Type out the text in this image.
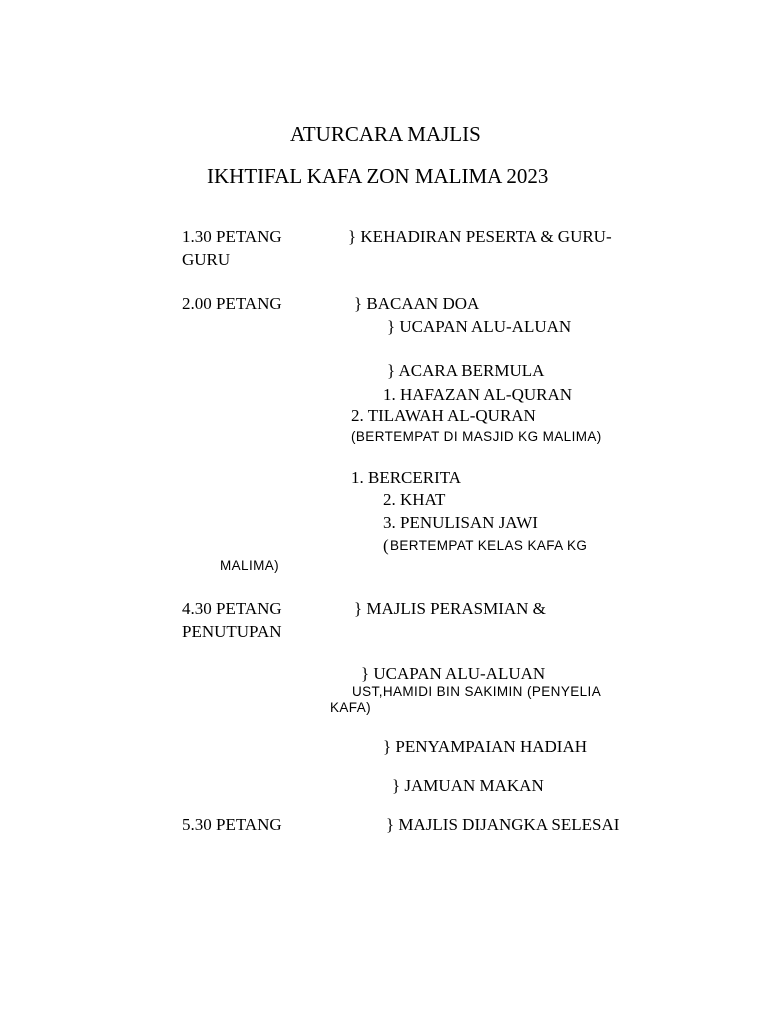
ATURCARA MAJLIS
IKHTIFAL KAFA ZON MALIMA 2023
1.30 PETANG	} KEHADIRAN PESERTA & GURU-
GURU
2.00 PETANG	} BACAAN DOA
} UCAPAN ALU-ALUAN
} ACARA BERMULA
1. HAFAZAN AL-QURAN
2. TILAWAH AL-QURAN
(BERTEMPAT DI MASJID KG MALIMA)
1. BERCERITA
2. KHAT
3. PENULISAN JAWI
( BERTEMPAT KELAS KAFA KG
MALIMA)
4.30 PETANG	} MAJLIS PERASMIAN &
PENUTUPAN
} UCAPAN ALU-ALUAN
UST,HAMIDI BIN SAKIMIN (PENYELIA
KAFA)
} PENYAMPAIAN HADIAH
} JAMUAN MAKAN
5.30 PETANG	} MAJLIS DIJANGKA SELESAI
